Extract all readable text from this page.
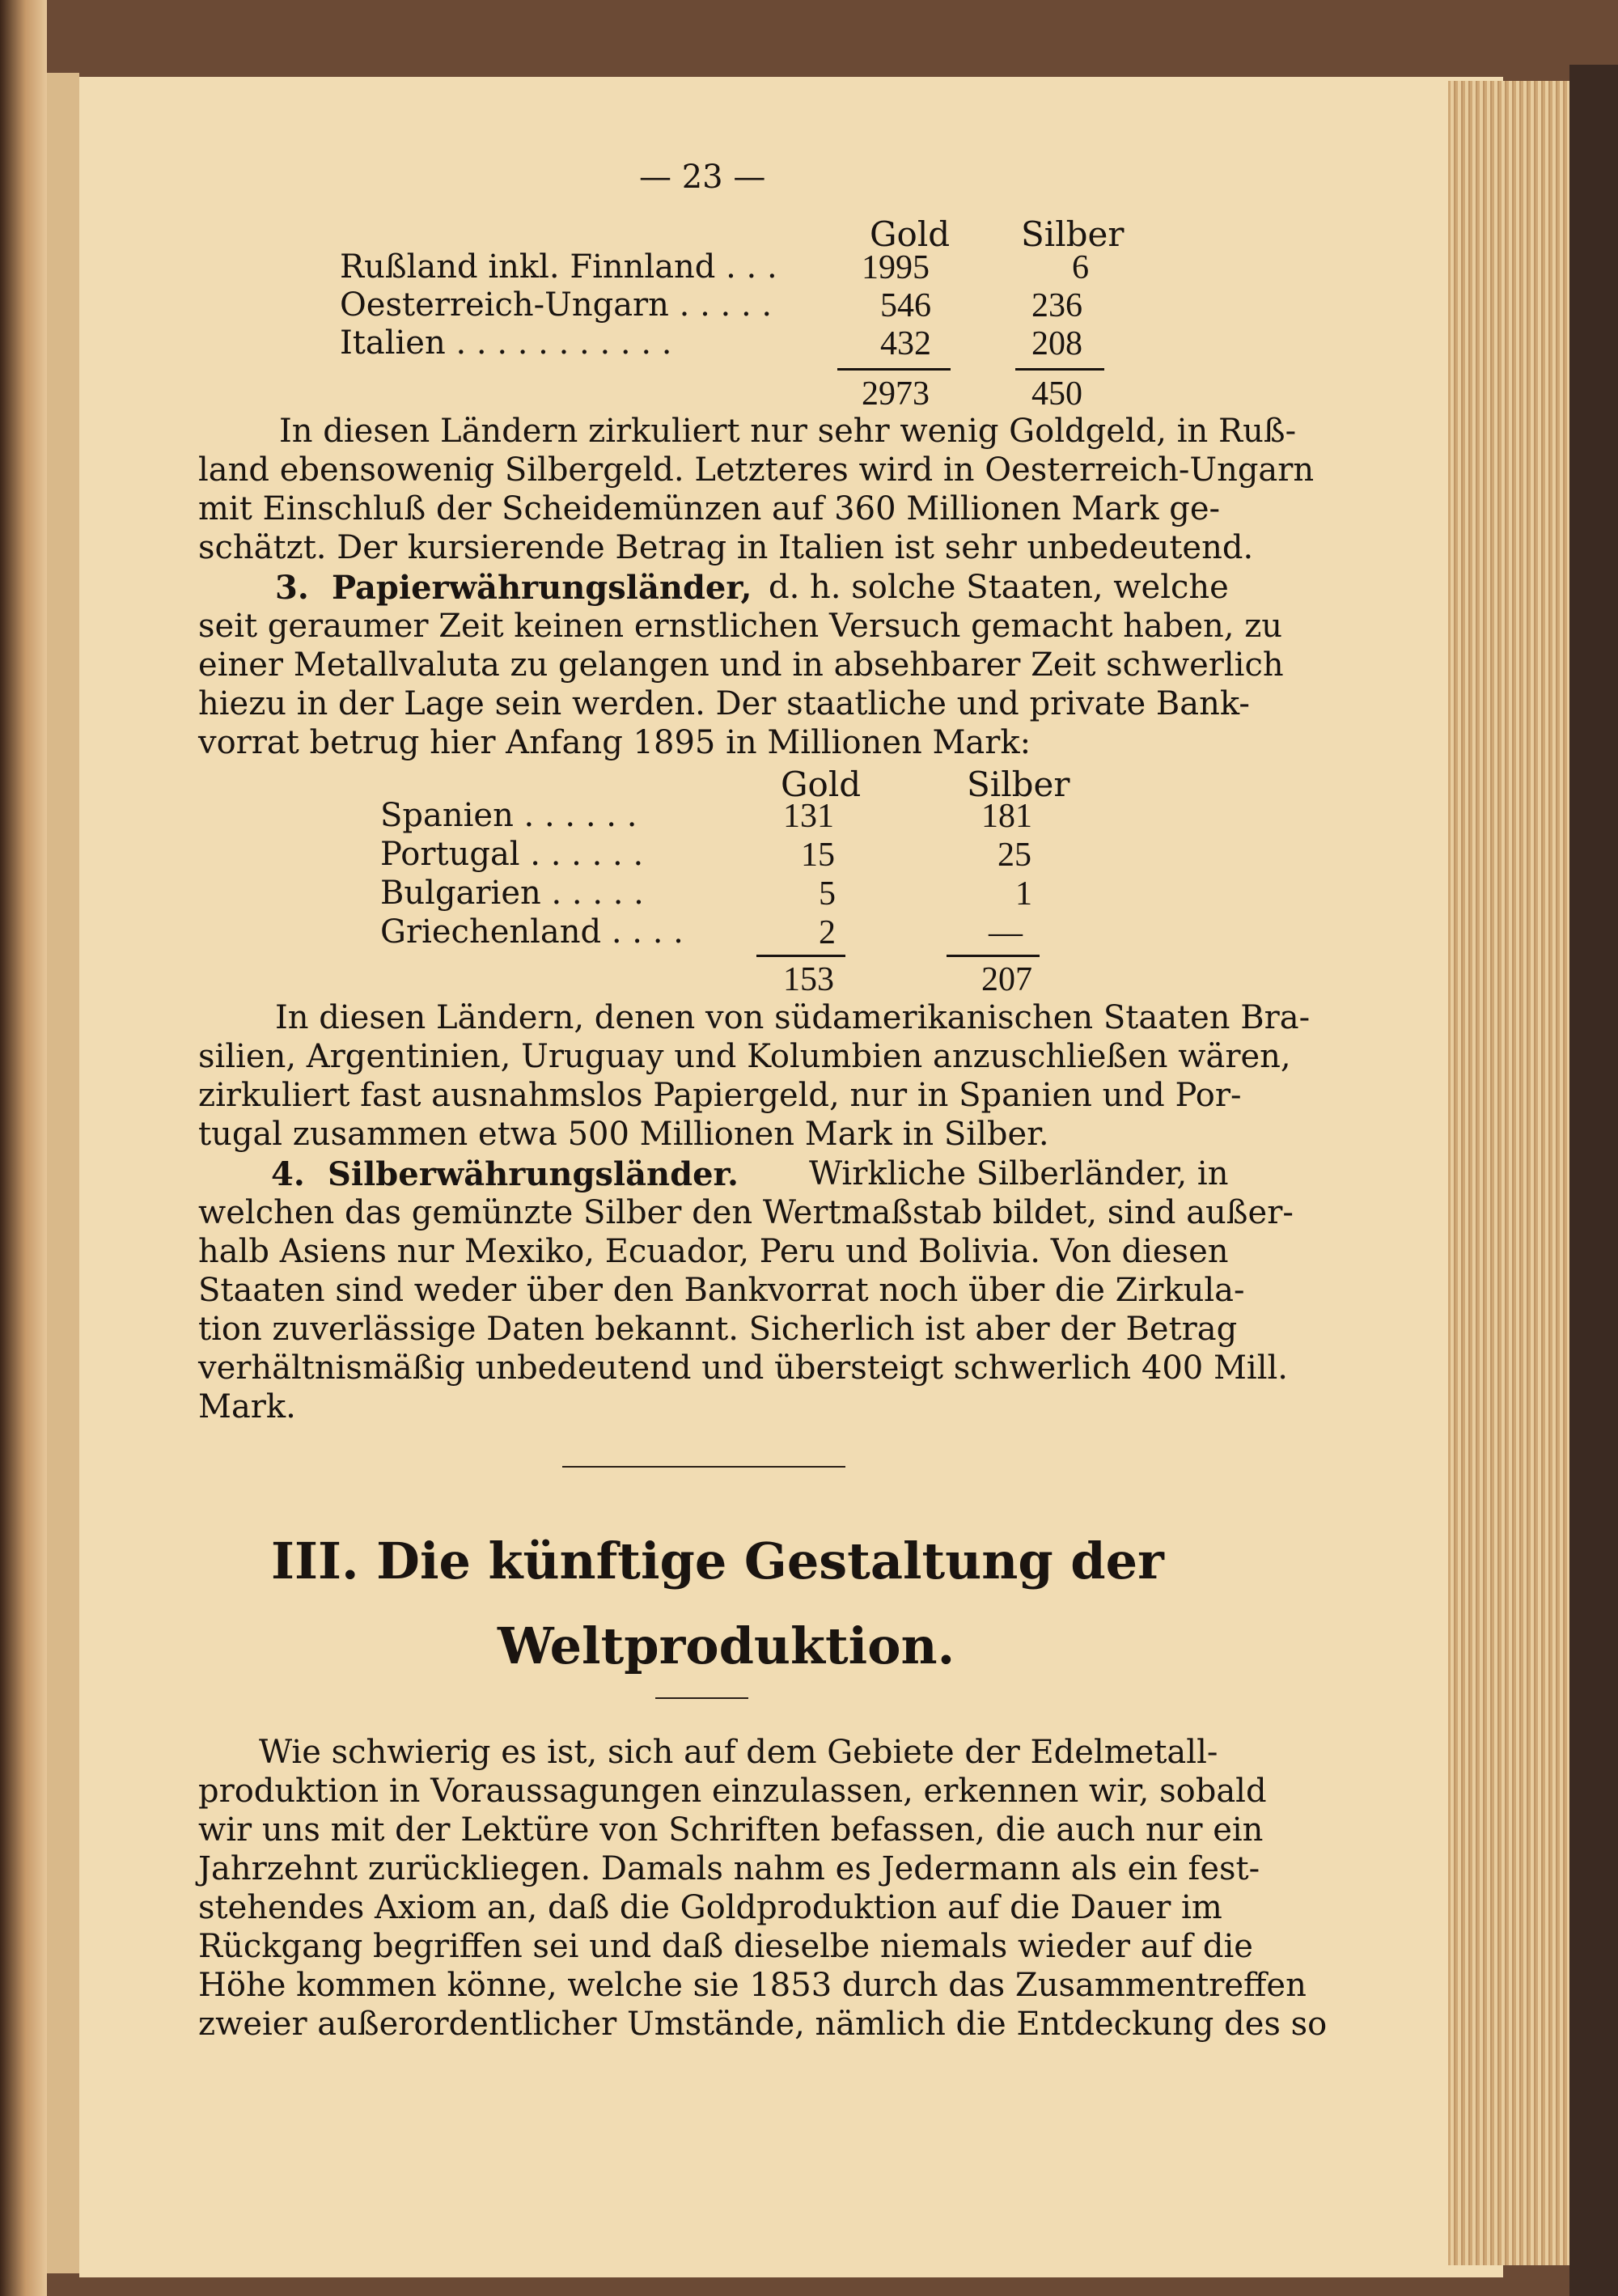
— 23 —
Gold Silber
Rußland inkl. Finnland . . . 1995	6
Oesterreich-Ungarn . . . . .	546	236
Italien . . . . . . . . . . .	432	208
2973	450
In diesen Ländern zirkuliert nur sehr wenig Goldgeld, in Ruß-
land ebensowenig Silbergeld. Letzteres wird in Oesterreich-Ungarn
mit Einschluß der Scheidemünzen auf 360 Millionen Mark ge-
schätzt. Der kursierende Betrag in Italien ist sehr unbedeutend.
3. Papierwährungsländer, d. h. solche Staaten, welche
seit geraumer Zeit keinen ernstlichen Versuch gemacht haben, zu
einer Metallvaluta zu gelangen und in absehbarer Zeit schwerlich
hiezu in der Lage sein werden. Der staatliche und private Bank-
vorrat betrug hier Anfang 1895 in Millionen Mark:
Gold	Silber
Spanien . . . . . .	131	181
Portugal . . . . . .	15	25
Bulgarien . . . . .	5	1
Griechenland . . . .	2	—
153	207
In diesen Ländern, denen von südamerikanischen Staaten Bra-
silien, Argentinien, Uruguay und Kolumbien anzuschließen wären,
zirkuliert fast ausnahmslos Papiergeld, nur in Spanien und Por-
tugal zusammen etwa 500 Millionen Mark in Silber.
4. Silberwährungsländer. Wirkliche Silberländer, in
welchen das gemünzte Silber den Wertmaßstab bildet, sind außer-
halb Asiens nur Mexiko, Ecuador, Peru und Bolivia. Von diesen
Staaten sind weder über den Bankvorrat noch über die Zirkula-
tion zuverlässige Daten bekannt. Sicherlich ist aber der Betrag
verhältnismäßig unbedeutend und übersteigt schwerlich 400 Mill.
Mark.
III. Die künftige Gestaltung der
Weltproduktion.
Wie schwierig es ist, sich auf dem Gebiete der Edelmetall-
produktion in Voraussagungen einzulassen, erkennen wir, sobald
wir uns mit der Lektüre von Schriften befassen, die auch nur ein
Jahrzehnt zurückliegen. Damals nahm es Jedermann als ein fest-
stehendes Axiom an, daß die Goldproduktion auf die Dauer im
Rückgang begriffen sei und daß dieselbe niemals wieder auf die
Höhe kommen könne, welche sie 1853 durch das Zusammentreffen
zweier außerordentlicher Umstände, nämlich die Entdeckung des so
